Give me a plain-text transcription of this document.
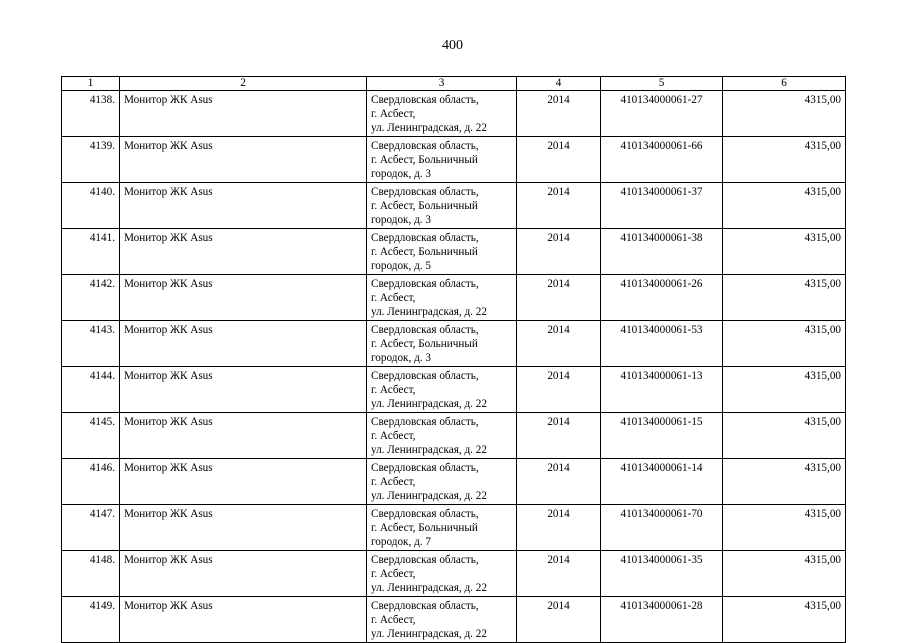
400
1	2	3	4	5	6
4138.	Монитор ЖК Asus	Свердловская область,
г. Асбест,
ул. Ленинградская, д. 22	2014	410134000061-27	4315,00
4139.	Монитор ЖК Asus	Свердловская область,
г. Асбест, Больничный
городок, д. 3	2014	410134000061-66	4315,00
4140.	Монитор ЖК Asus	Свердловская область,
г. Асбест, Больничный
городок, д. 3	2014	410134000061-37	4315,00
4141.	Монитор ЖК Asus	Свердловская область,
г. Асбест, Больничный
городок, д. 5	2014	410134000061-38	4315,00
4142.	Монитор ЖК Asus	Свердловская область,
г. Асбест,
ул. Ленинградская, д. 22	2014	410134000061-26	4315,00
4143.	Монитор ЖК Asus	Свердловская область,
г. Асбест, Больничный
городок, д. 3	2014	410134000061-53	4315,00
4144.	Монитор ЖК Asus	Свердловская область,
г. Асбест,
ул. Ленинградская, д. 22	2014	410134000061-13	4315,00
4145.	Монитор ЖК Asus	Свердловская область,
г. Асбест,
ул. Ленинградская, д. 22	2014	410134000061-15	4315,00
4146.	Монитор ЖК Asus	Свердловская область,
г. Асбест,
ул. Ленинградская, д. 22	2014	410134000061-14	4315,00
4147.	Монитор ЖК Asus	Свердловская область,
г. Асбест, Больничный
городок, д. 7	2014	410134000061-70	4315,00
4148.	Монитор ЖК Asus	Свердловская область,
г. Асбест,
ул. Ленинградская, д. 22	2014	410134000061-35	4315,00
4149.	Монитор ЖК Asus	Свердловская область,
г. Асбест,
ул. Ленинградская, д. 22	2014	410134000061-28	4315,00
